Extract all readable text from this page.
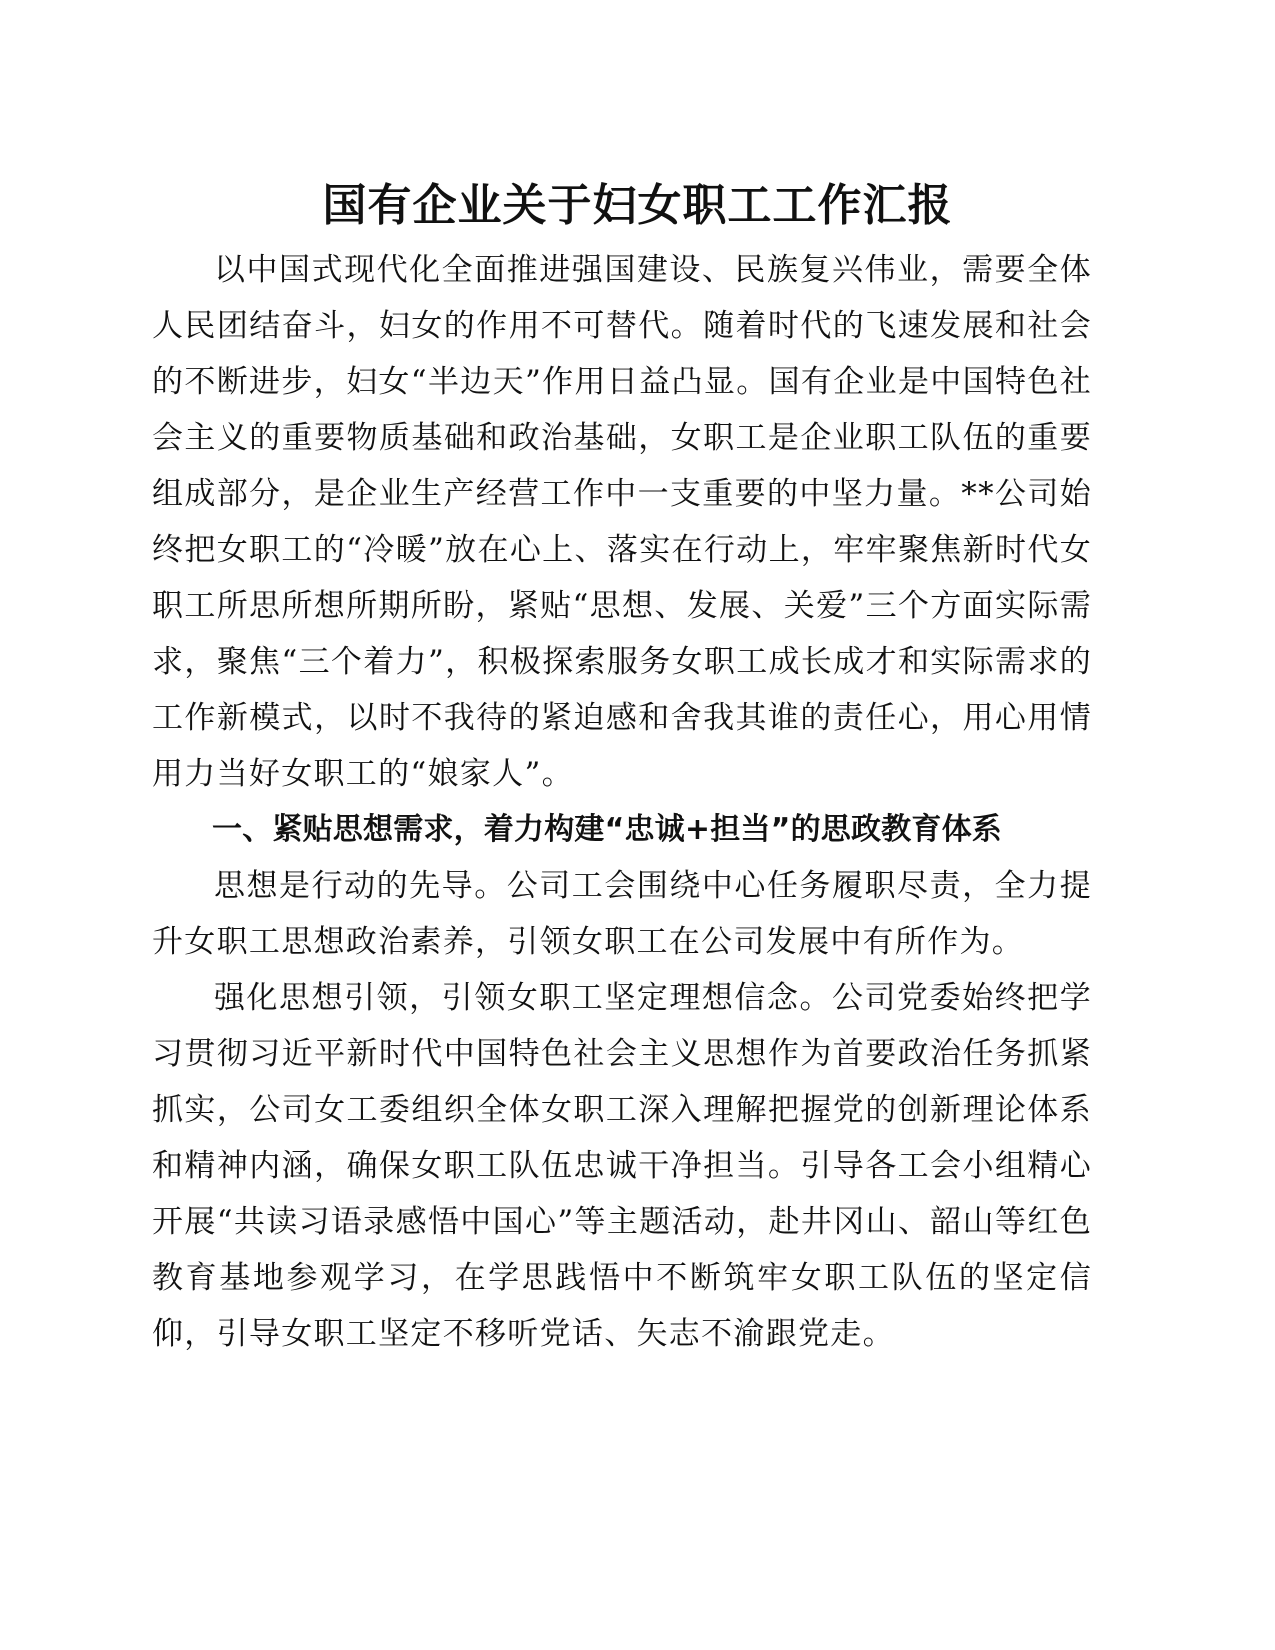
国有企业关于妇女职工工作汇报

以中国式现代化全面推进强国建设、民族复兴伟业，需要全体人民团结奋斗，妇女的作用不可替代。随着时代的飞速发展和社会的不断进步，妇女“半边天”作用日益凸显。国有企业是中国特色社会主义的重要物质基础和政治基础，女职工是企业职工队伍的重要组成部分，是企业生产经营工作中一支重要的中坚力量。**公司始终把女职工的“冷暖”放在心上、落实在行动上，牢牢聚焦新时代女职工所思所想所期所盼，紧贴“思想、发展、关爱”三个方面实际需求，聚焦“三个着力”，积极探索服务女职工成长成才和实际需求的工作新模式，以时不我待的紧迫感和舍我其谁的责任心，用心用情用力当好女职工的“娘家人”。

一、紧贴思想需求，着力构建“忠诚+担当”的思政教育体系

思想是行动的先导。公司工会围绕中心任务履职尽责，全力提升女职工思想政治素养，引领女职工在公司发展中有所作为。

强化思想引领，引领女职工坚定理想信念。公司党委始终把学习贯彻习近平新时代中国特色社会主义思想作为首要政治任务抓紧抓实，公司女工委组织全体女职工深入理解把握党的创新理论体系和精神内涵，确保女职工队伍忠诚干净担当。引导各工会小组精心开展“共读习语录感悟中国心”等主题活动，赴井冈山、韶山等红色教育基地参观学习，在学思践悟中不断筑牢女职工队伍的坚定信仰，引导女职工坚定不移听党话、矢志不渝跟党走。
